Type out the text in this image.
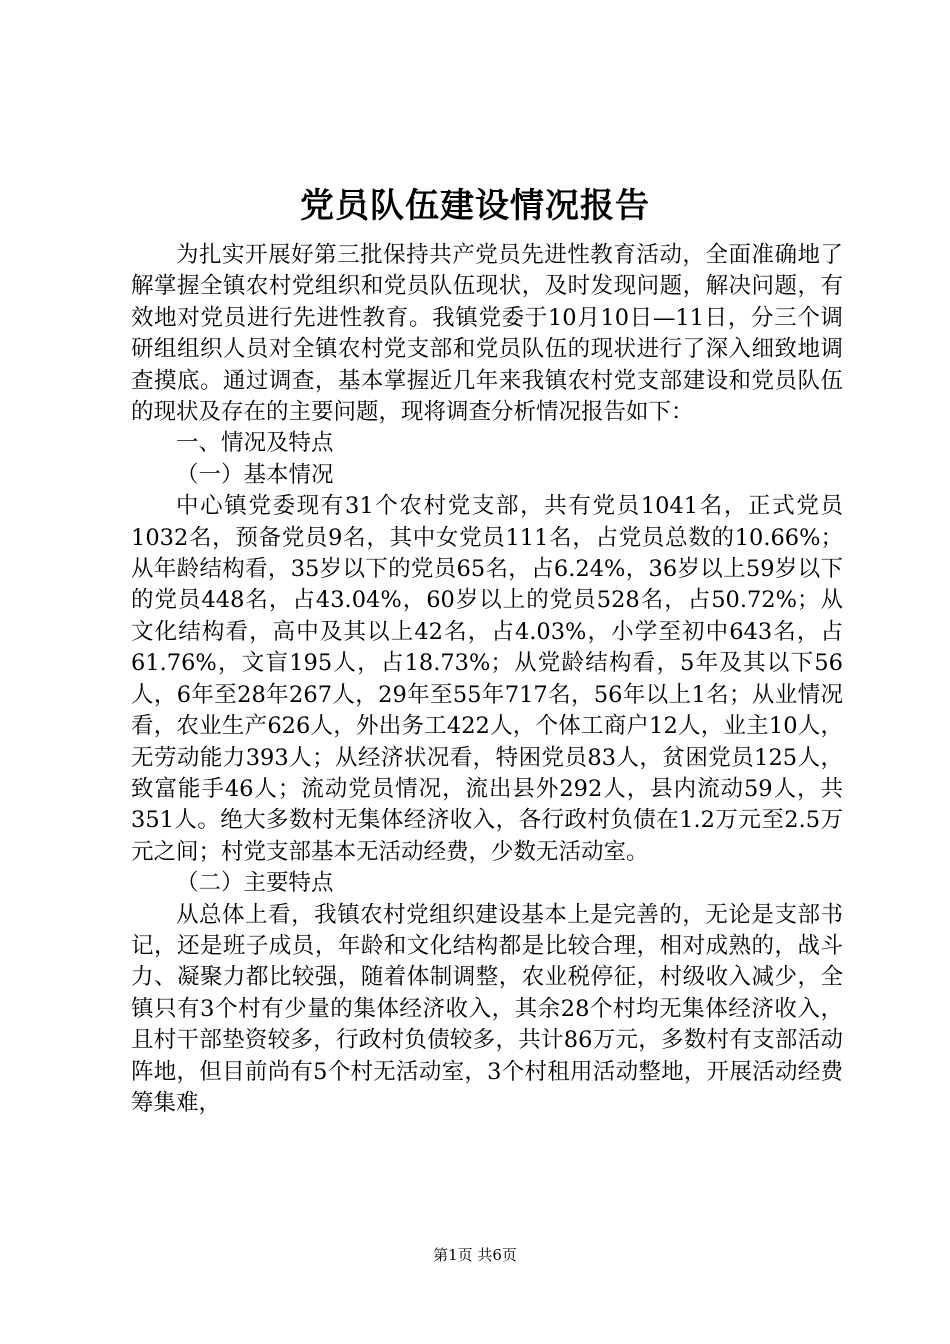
党员队伍建设情况报告

为扎实开展好第三批保持共产党员先进性教育活动，全面准确地了解掌握全镇农村党组织和党员队伍现状，及时发现问题，解决问题，有效地对党员进行先进性教育。我镇党委于10月10日—11日，分三个调研组组织人员对全镇农村党支部和党员队伍的现状进行了深入细致地调查摸底。通过调查，基本掌握近几年来我镇农村党支部建设和党员队伍的现状及存在的主要问题，现将调查分析情况报告如下：

一、情况及特点

（一）基本情况

中心镇党委现有31个农村党支部，共有党员1041名，正式党员1032名，预备党员9名，其中女党员111名，占党员总数的10.66%；从年龄结构看，35岁以下的党员65名，占6.24%，36岁以上59岁以下的党员448名，占43.04%，60岁以上的党员528名，占50.72%；从文化结构看，高中及其以上42名，占4.03%，小学至初中643名，占61.76%，文盲195人，占18.73%；从党龄结构看，5年及其以下56人，6年至28年267人，29年至55年717名，56年以上1名；从业情况看，农业生产626人，外出务工422人，个体工商户12人，业主10人，无劳动能力393人；从经济状况看，特困党员83人，贫困党员125人，致富能手46人；流动党员情况，流出县外292人，县内流动59人，共351人。绝大多数村无集体经济收入，各行政村负债在1.2万元至2.5万元之间；村党支部基本无活动经费，少数无活动室。

（二）主要特点

从总体上看，我镇农村党组织建设基本上是完善的，无论是支部书记，还是班子成员，年龄和文化结构都是比较合理，相对成熟的，战斗力、凝聚力都比较强，随着体制调整，农业税停征，村级收入减少，全镇只有3个村有少量的集体经济收入，其余28个村均无集体经济收入，且村干部垫资较多，行政村负债较多，共计86万元，多数村有支部活动阵地，但目前尚有5个村无活动室，3个村租用活动整地，开展活动经费筹集难，

第1页 共6页
